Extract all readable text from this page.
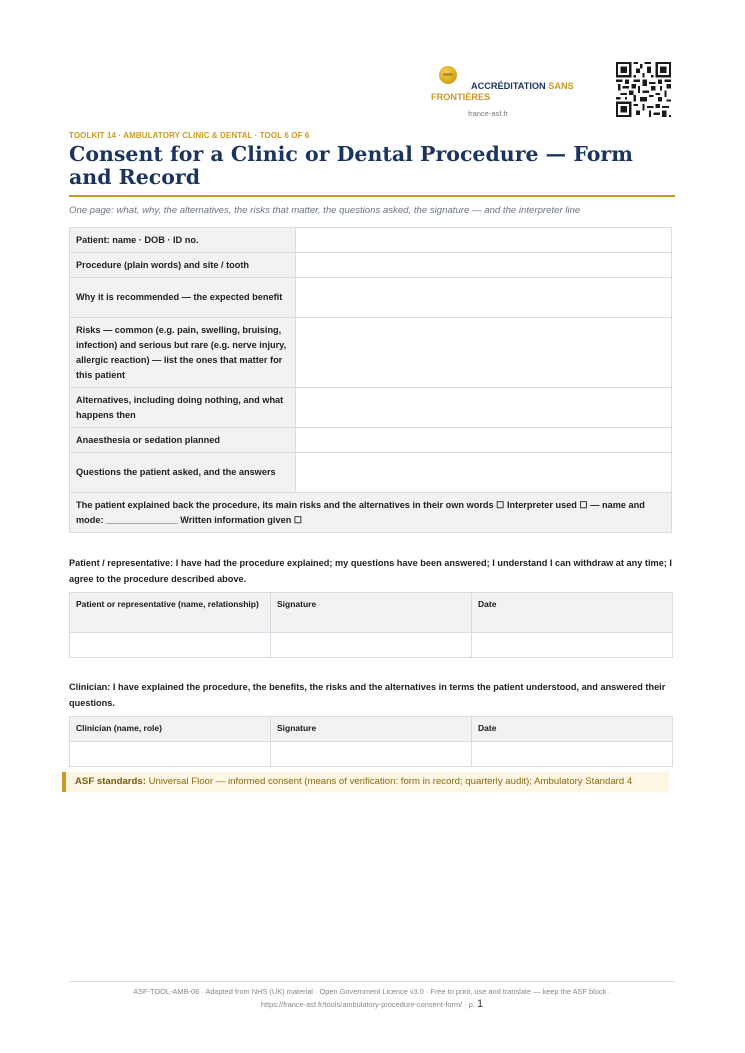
ACCRÉDITATION SANS FRONTIÈRES
france-asf.fr
TOOLKIT 14 · AMBULATORY CLINIC & DENTAL · TOOL 6 OF 6
Consent for a Clinic or Dental Procedure — Form and Record
One page: what, why, the alternatives, the risks that matter, the questions asked, the signature — and the interpreter line
Patient: name · DOB · ID no.	
Procedure (plain words) and site / tooth	
Why it is recommended — the expected benefit	
Risks — common (e.g. pain, swelling, bruising, infection) and serious but rare (e.g. nerve injury, allergic reaction) — list the ones that matter for this patient	
Alternatives, including doing nothing, and what happens then	
Anaesthesia or sedation planned	
Questions the patient asked, and the answers	
The patient explained back the procedure, its main risks and the alternatives in their own words ☐ Interpreter used ☐ — name and mode: ______________ Written information given ☐	
Patient / representative: I have had the procedure explained; my questions have been answered; I understand I can withdraw at any time; I agree to the procedure described above.
Patient or representative (name, relationship)	Signature	Date

Clinician: I have explained the procedure, the benefits, the risks and the alternatives in terms the patient understood, and answered their questions.
Clinician (name, role)	Signature	Date

ASF standards: Universal Floor — informed consent (means of verification: form in record; quarterly audit); Ambulatory Standard 4
ASF-TOOL-AMB-06 · Adapted from NHS (UK) material · Open Government Licence v3.0 · Free to print, use and translate — keep the ASF block ·
https://france-asf.fr/tools/ambulatory-procedure-consent-form/ · p. 1
